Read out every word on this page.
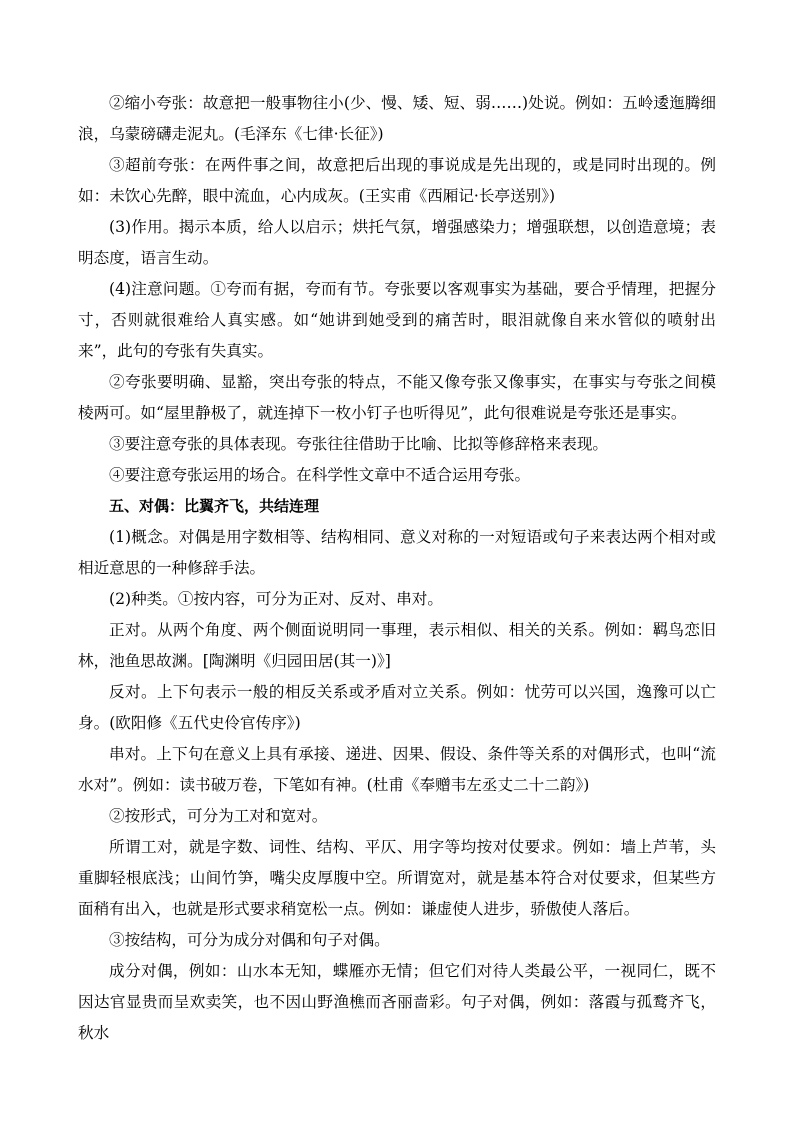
②缩小夸张：故意把一般事物往小(少、慢、矮、短、弱……)处说。例如：五岭逶迤腾细浪，乌蒙磅礴走泥丸。(毛泽东《七律·长征》)

③超前夸张：在两件事之间，故意把后出现的事说成是先出现的，或是同时出现的。例如：未饮心先醉，眼中流血，心内成灰。(王实甫《西厢记·长亭送别》)

(3)作用。揭示本质，给人以启示；烘托气氛，增强感染力；增强联想，以创造意境；表明态度，语言生动。

(4)注意问题。①夸而有据，夸而有节。夸张要以客观事实为基础，要合乎情理，把握分寸，否则就很难给人真实感。如“她讲到她受到的痛苦时，眼泪就像自来水管似的喷射出来”，此句的夸张有失真实。

②夸张要明确、显豁，突出夸张的特点，不能又像夸张又像事实，在事实与夸张之间模棱两可。如“屋里静极了，就连掉下一枚小钉子也听得见”，此句很难说是夸张还是事实。

③要注意夸张的具体表现。夸张往往借助于比喻、比拟等修辞格来表现。

④要注意夸张运用的场合。在科学性文章中不适合运用夸张。

五、对偶：比翼齐飞，共结连理

(1)概念。对偶是用字数相等、结构相同、意义对称的一对短语或句子来表达两个相对或相近意思的一种修辞手法。

(2)种类。①按内容，可分为正对、反对、串对。

正对。从两个角度、两个侧面说明同一事理，表示相似、相关的关系。例如：羁鸟恋旧林，池鱼思故渊。[陶渊明《归园田居(其一)》]

反对。上下句表示一般的相反关系或矛盾对立关系。例如：忧劳可以兴国，逸豫可以亡身。(欧阳修《五代史伶官传序》)

串对。上下句在意义上具有承接、递进、因果、假设、条件等关系的对偶形式，也叫“流水对”。例如：读书破万卷，下笔如有神。(杜甫《奉赠韦左丞丈二十二韵》)

②按形式，可分为工对和宽对。

所谓工对，就是字数、词性、结构、平仄、用字等均按对仗要求。例如：墙上芦苇，头重脚轻根底浅；山间竹笋，嘴尖皮厚腹中空。所谓宽对，就是基本符合对仗要求，但某些方面稍有出入，也就是形式要求稍宽松一点。例如：谦虚使人进步，骄傲使人落后。

③按结构，可分为成分对偶和句子对偶。

成分对偶，例如：山水本无知，蝶雁亦无情；但它们对待人类最公平，一视同仁，既不因达官显贵而呈欢卖笑，也不因山野渔樵而吝丽啬彩。句子对偶，例如：落霞与孤鹜齐飞，秋水
